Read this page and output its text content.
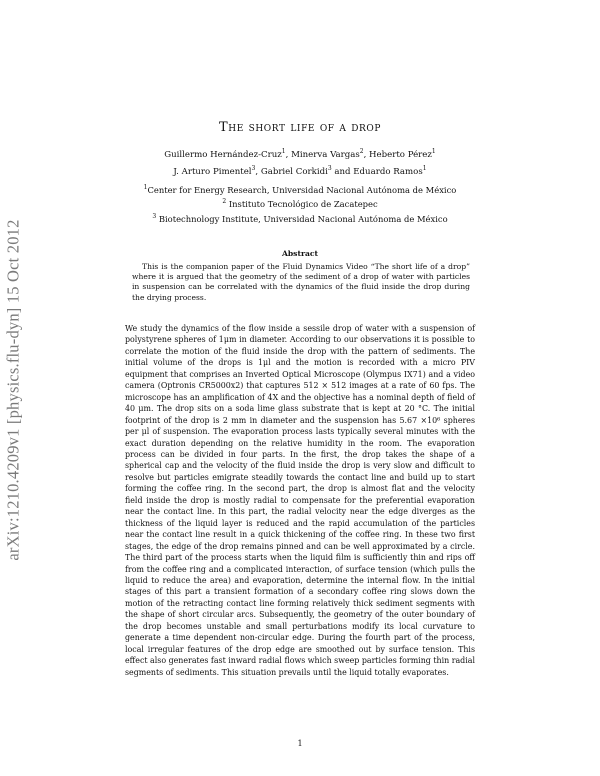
arXiv:1210.4209v1 [physics.flu-dyn] 15 Oct 2012
The short life of a drop
Guillermo Hernández-Cruz$^1$, Minerva Vargas$^2$, Heberto Pérez$^1$
J. Arturo Pimentel$^3$, Gabriel Corkidi$^3$ and Eduardo Ramos$^1$
$^1$Center for Energy Research, Universidad Nacional Autónoma de México
$^2$ Instituto Tecnológico de Zacatepec
$^3$ Biotechnology Institute, Universidad Nacional Autónoma de México
Abstract
This is the companion paper of the Fluid Dynamics Video “The short life of a drop” where it is argued that the geometry of the sediment of a drop of water with particles in suspension can be correlated with the dynamics of the fluid inside the drop during the drying process.
We study the dynamics of the flow inside a sessile drop of water with a suspension of polystyrene spheres of 1μm in diameter. According to our observations it is possible to correlate the motion of the fluid inside the drop with the pattern of sediments. The initial volume of the drops is 1μl and the motion is recorded with a micro PIV equipment that comprises an Inverted Optical Microscope (Olympus IX71) and a video camera (Optronis CR5000x2) that captures 512 × 512 images at a rate of 60 fps. The microscope has an amplification of 4X and the objective has a nominal depth of field of 40 μm. The drop sits on a soda lime glass substrate that is kept at 20 °C. The initial footprint of the drop is 2 mm in diameter and the suspension has 5.67 ×10⁶ spheres per μl of suspension. The evaporation process lasts typically several minutes with the exact duration depending on the relative humidity in the room. The evaporation process can be divided in four parts. In the first, the drop takes the shape of a spherical cap and the velocity of the fluid inside the drop is very slow and difficult to resolve but particles emigrate steadily towards the contact line and build up to start forming the coffee ring. In the second part, the drop is almost flat and the velocity field inside the drop is mostly radial to compensate for the preferential evaporation near the contact line. In this part, the radial velocity near the edge diverges as the thickness of the liquid layer is reduced and the rapid accumulation of the particles near the contact line result in a quick thickening of the coffee ring. In these two first stages, the edge of the drop remains pinned and can be well approximated by a circle. The third part of the process starts when the liquid film is sufficiently thin and rips off from the coffee ring and a complicated interaction, of surface tension (which pulls the liquid to reduce the area) and evaporation, determine the internal flow. In the initial stages of this part a transient formation of a secondary coffee ring slows down the motion of the retracting contact line forming relatively thick sediment segments with the shape of short circular arcs. Subsequently, the geometry of the outer boundary of the drop becomes unstable and small perturbations modify its local curvature to generate a time dependent non-circular edge. During the fourth part of the process, local irregular features of the drop edge are smoothed out by surface tension. This effect also generates fast inward radial flows which sweep particles forming thin radial segments of sediments. This situation prevails until the liquid totally evaporates.
1
